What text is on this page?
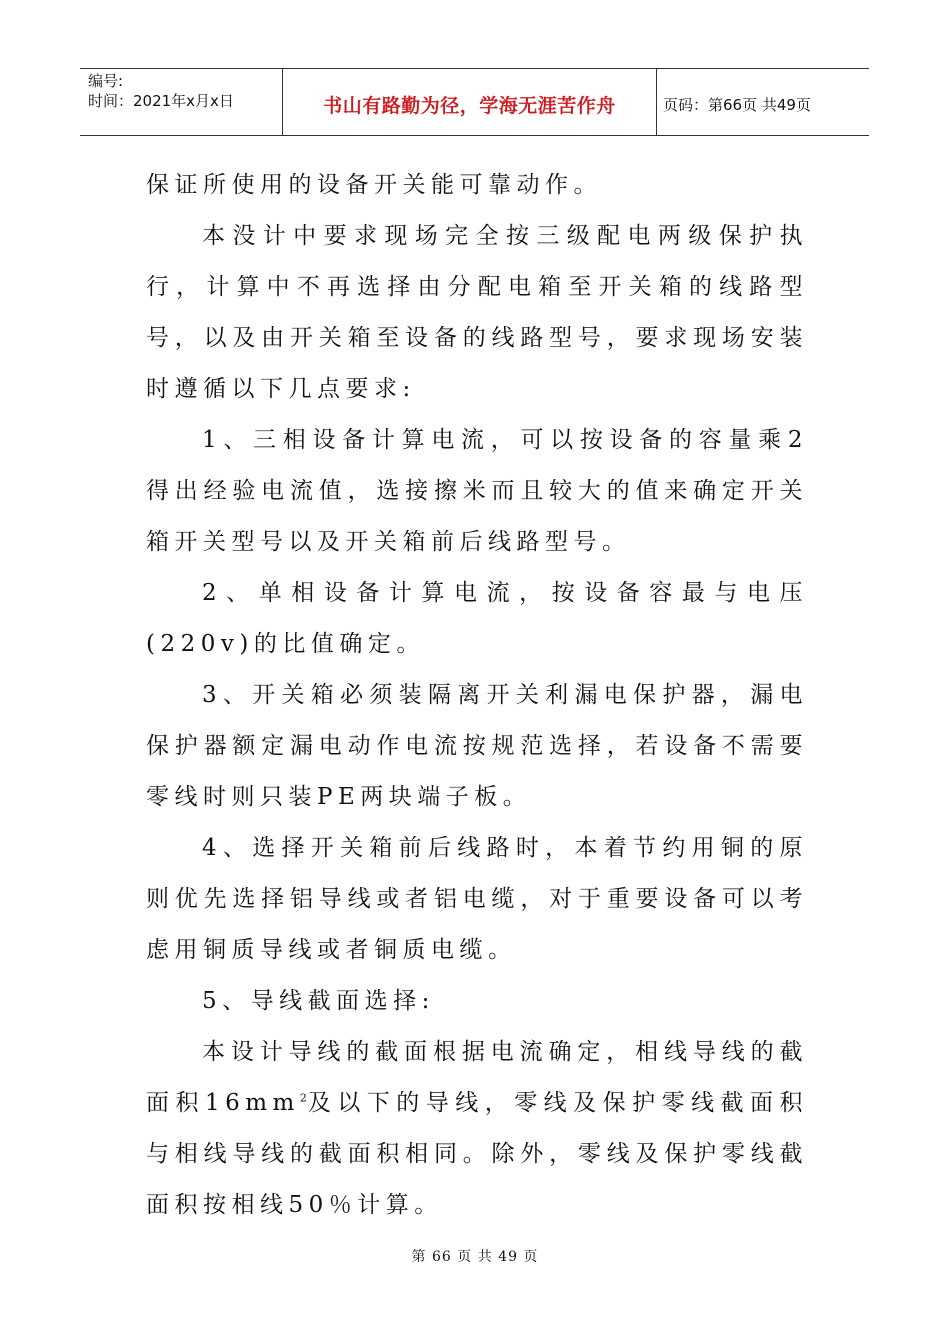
编号:
时间：2021年x月x日	书山有路勤为径，学海无涯苦作舟	页码：第66页 共49页

保证所使用的设备开关能可靠动作。

本没计中要求现场完全按三级配电两级保护执行，计算中不再选择由分配电箱至开关箱的线路型号，以及由开关箱至设备的线路型号，要求现场安装时遵循以下几点要求:

1、三相设备计算电流，可以按设备的容量乘2得出经验电流值，选接擦米而且较大的值来确定开关箱开关型号以及开关箱前后线路型号。

2、单相设备计算电流，按设备容最与电压(220v)的比值确定。

3、开关箱必须装隔离开关利漏电保护器，漏电保护器额定漏电动作电流按规范选择，若设备不需要零线时则只装PE两块端子板。

4、选择开关箱前后线路时，本着节约用铜的原则优先选择铝导线或者铝电缆，对于重要设备可以考虑用铜质导线或者铜质电缆。

5、导线截面选择:

本设计导线的截面根据电流确定，相线导线的截面积$16mm^2$及以下的导线，零线及保护零线截面积与相线导线的截面积相同。除外，零线及保护零线截面积按相线50％计算。

第 66 页 共 49 页
